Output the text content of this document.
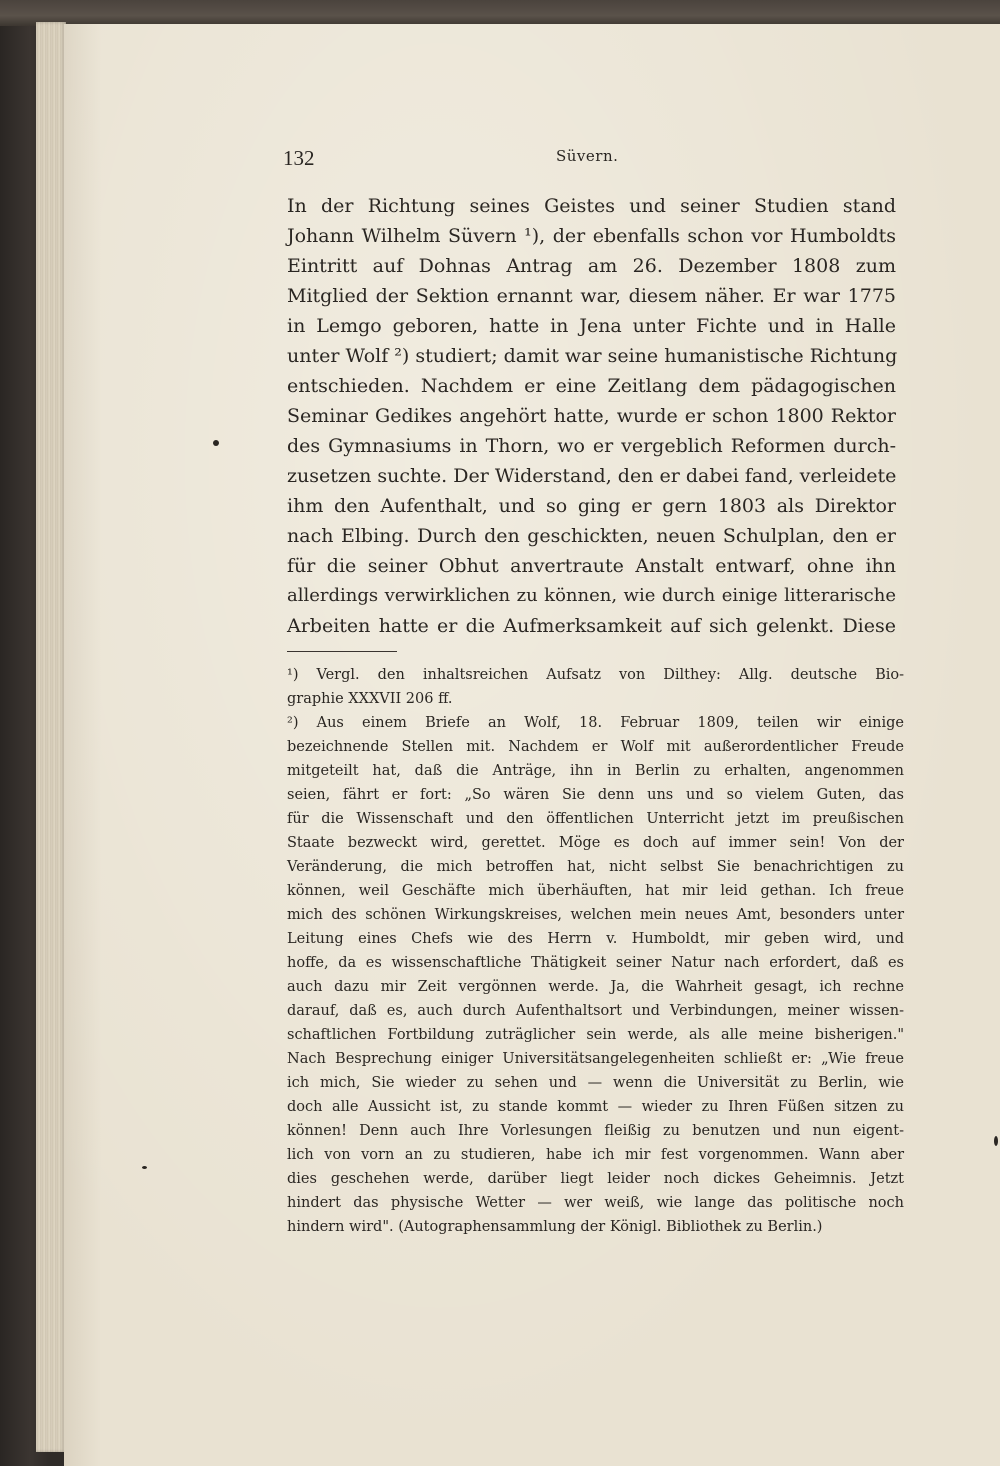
132	Süvern.
In der Richtung seines Geistes und seiner Studien stand
Johann Wilhelm Süvern ¹), der ebenfalls schon vor Humboldts
Eintritt auf Dohnas Antrag am 26. Dezember 1808 zum
Mitglied der Sektion ernannt war, diesem näher. Er war 1775
in Lemgo geboren, hatte in Jena unter Fichte und in Halle
unter Wolf ²) studiert; damit war seine humanistische Richtung
entschieden. Nachdem er eine Zeitlang dem pädagogischen
Seminar Gedikes angehört hatte, wurde er schon 1800 Rektor
des Gymnasiums in Thorn, wo er vergeblich Reformen durch-
zusetzen suchte. Der Widerstand, den er dabei fand, verleidete
ihm den Aufenthalt, und so ging er gern 1803 als Direktor
nach Elbing. Durch den geschickten, neuen Schulplan, den er
für die seiner Obhut anvertraute Anstalt entwarf, ohne ihn
allerdings verwirklichen zu können, wie durch einige litterarische
Arbeiten hatte er die Aufmerksamkeit auf sich gelenkt. Diese
¹) Vergl. den inhaltsreichen Aufsatz von Dilthey: Allg. deutsche Bio-
graphie XXXVII 206 ff.
²) Aus einem Briefe an Wolf, 18. Februar 1809, teilen wir einige
bezeichnende Stellen mit. Nachdem er Wolf mit außerordentlicher Freude
mitgeteilt hat, daß die Anträge, ihn in Berlin zu erhalten, angenommen
seien, fährt er fort: „So wären Sie denn uns und so vielem Guten, das
für die Wissenschaft und den öffentlichen Unterricht jetzt im preußischen
Staate bezweckt wird, gerettet. Möge es doch auf immer sein! Von der
Veränderung, die mich betroffen hat, nicht selbst Sie benachrichtigen zu
können, weil Geschäfte mich überhäuften, hat mir leid gethan. Ich freue
mich des schönen Wirkungskreises, welchen mein neues Amt, besonders unter
Leitung eines Chefs wie des Herrn v. Humboldt, mir geben wird, und
hoffe, da es wissenschaftliche Thätigkeit seiner Natur nach erfordert, daß es
auch dazu mir Zeit vergönnen werde. Ja, die Wahrheit gesagt, ich rechne
darauf, daß es, auch durch Aufenthaltsort und Verbindungen, meiner wissen-
schaftlichen Fortbildung zuträglicher sein werde, als alle meine bisherigen."
Nach Besprechung einiger Universitätsangelegenheiten schließt er: „Wie freue
ich mich, Sie wieder zu sehen und — wenn die Universität zu Berlin, wie
doch alle Aussicht ist, zu stande kommt — wieder zu Ihren Füßen sitzen zu
können! Denn auch Ihre Vorlesungen fleißig zu benutzen und nun eigent-
lich von vorn an zu studieren, habe ich mir fest vorgenommen. Wann aber
dies geschehen werde, darüber liegt leider noch dickes Geheimnis. Jetzt
hindert das physische Wetter — wer weiß, wie lange das politische noch
hindern wird". (Autographensammlung der Königl. Bibliothek zu Berlin.)
